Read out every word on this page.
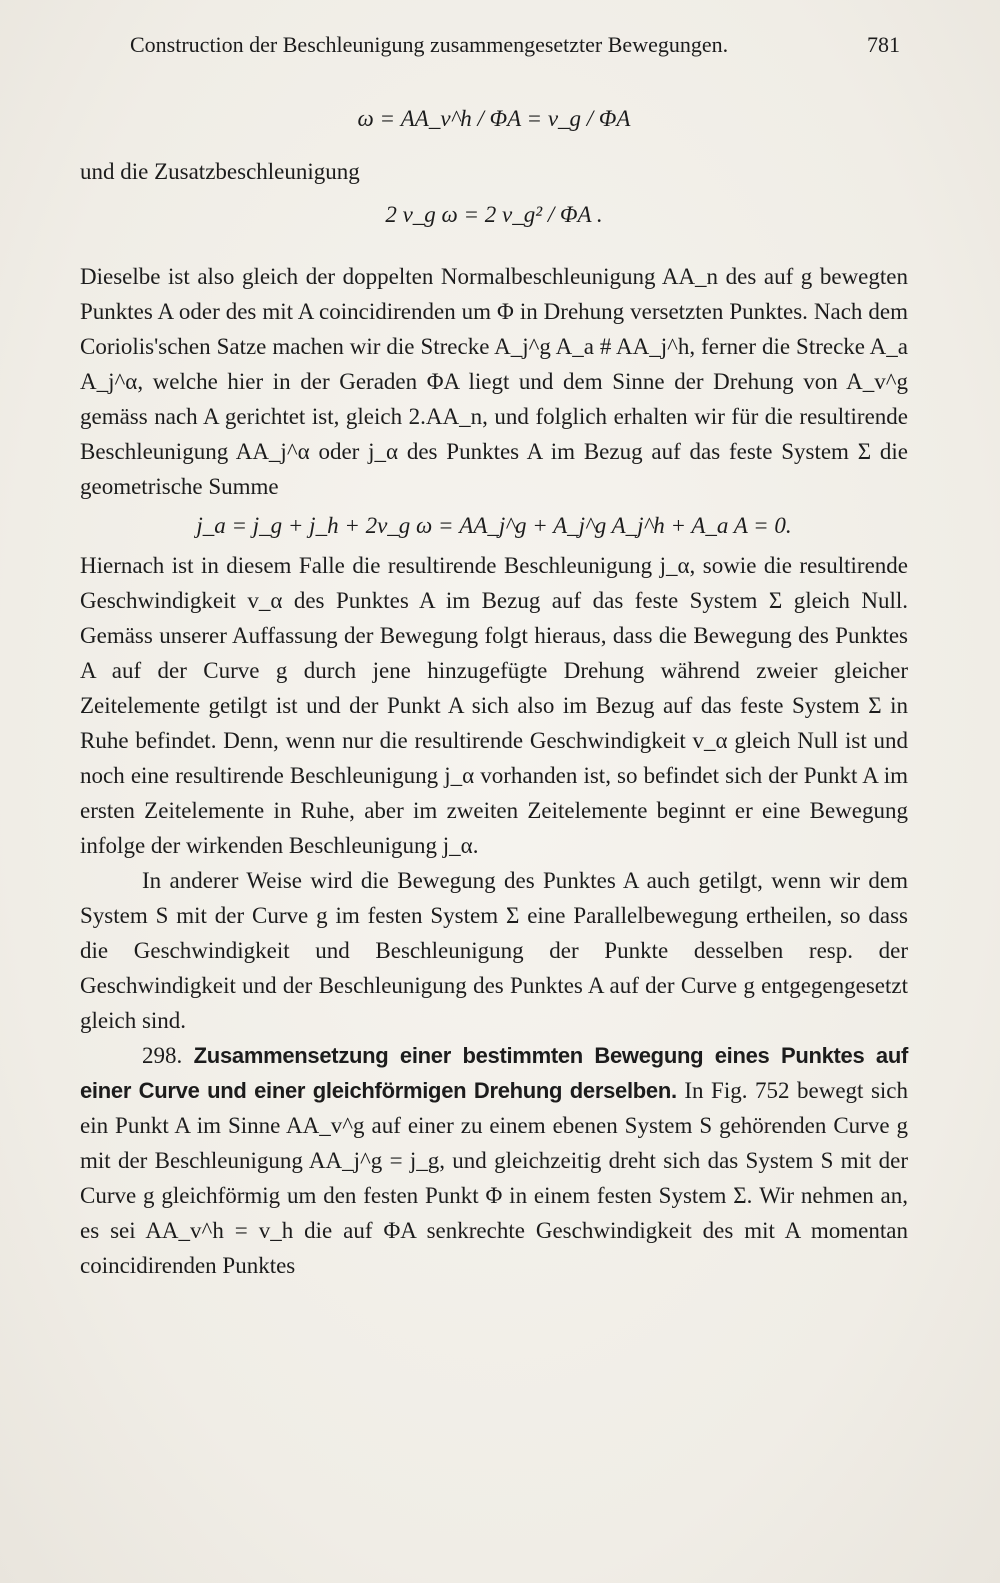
Construction der Beschleunigung zusammengesetzter Bewegungen.	781
ω = AA_v^h / ΦA = v_g / ΦA

und die Zusatzbeschleunigung

2 v_g ω = 2 v_g² / ΦA .

Dieselbe ist also gleich der doppelten Normalbeschleunigung AA_n des auf g bewegten Punktes A oder des mit A coincidirenden um Φ in Drehung versetzten Punktes. Nach dem Coriolis'schen Satze machen wir die Strecke A_j^g A_a # AA_j^h, ferner die Strecke A_a A_j^α, welche hier in der Geraden ΦA liegt und dem Sinne der Drehung von A_v^g gemäss nach A gerichtet ist, gleich 2.AA_n, und folglich erhalten wir für die resultirende Beschleunigung AA_j^α oder j_α des Punktes A im Bezug auf das feste System Σ die geometrische Summe

j_a = j_g + j_h + 2v_g ω = AA_j^g + A_j^g A_j^h + A_a A = 0.

Hiernach ist in diesem Falle die resultirende Beschleunigung j_α, sowie die resultirende Geschwindigkeit v_α des Punktes A im Bezug auf das feste System Σ gleich Null. Gemäss unserer Auffassung der Bewegung folgt hieraus, dass die Bewegung des Punktes A auf der Curve g durch jene hinzugefügte Drehung während zweier gleicher Zeitelemente getilgt ist und der Punkt A sich also im Bezug auf das feste System Σ in Ruhe befindet. Denn, wenn nur die resultirende Geschwindigkeit v_α gleich Null ist und noch eine resultirende Beschleunigung j_α vorhanden ist, so befindet sich der Punkt A im ersten Zeitelemente in Ruhe, aber im zweiten Zeitelemente beginnt er eine Bewegung infolge der wirkenden Beschleunigung j_α.

In anderer Weise wird die Bewegung des Punktes A auch getilgt, wenn wir dem System S mit der Curve g im festen System Σ eine Parallelbewegung ertheilen, so dass die Geschwindigkeit und Beschleunigung der Punkte desselben resp. der Geschwindigkeit und der Beschleunigung des Punktes A auf der Curve g entgegengesetzt gleich sind.

298. Zusammensetzung einer bestimmten Bewegung eines Punktes auf einer Curve und einer gleichförmigen Drehung derselben. In Fig. 752 bewegt sich ein Punkt A im Sinne AA_v^g auf einer zu einem ebenen System S gehörenden Curve g mit der Beschleunigung AA_j^g = j_g, und gleichzeitig dreht sich das System S mit der Curve g gleichförmig um den festen Punkt Φ in einem festen System Σ. Wir nehmen an, es sei AA_v^h = v_h die auf ΦA senkrechte Geschwindigkeit des mit A momentan coincidirenden Punktes
